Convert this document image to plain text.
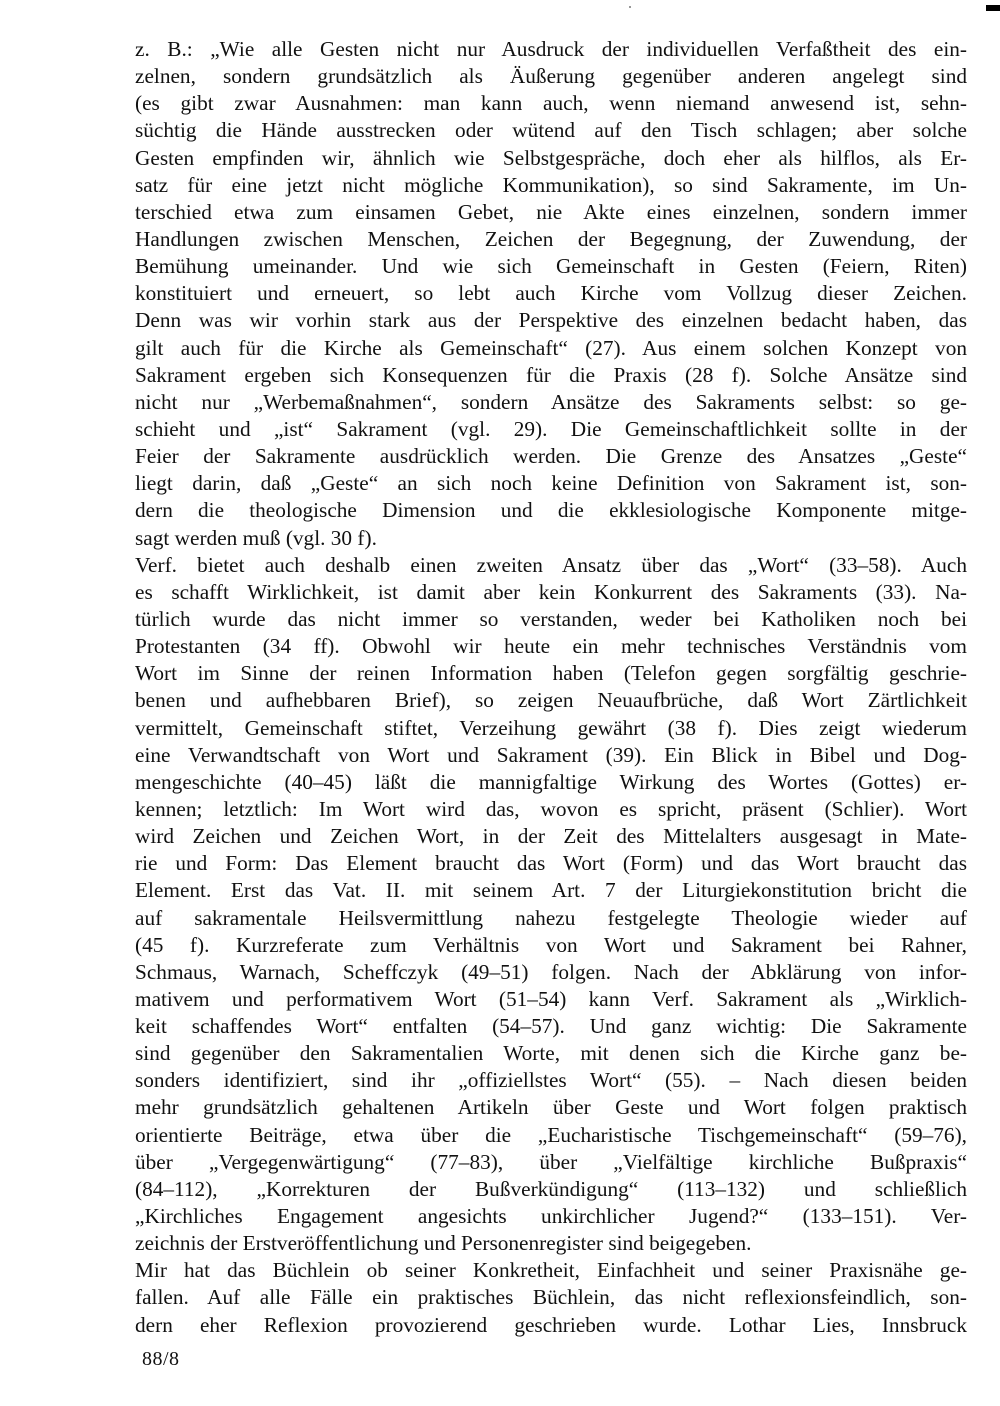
z. B.: „Wie alle Gesten nicht nur Ausdruck der individuellen Verfaßtheit des ein-
zelnen, sondern grundsätzlich als Äußerung gegenüber anderen angelegt sind
(es gibt zwar Ausnahmen: man kann auch, wenn niemand anwesend ist, sehn-
süchtig die Hände ausstrecken oder wütend auf den Tisch schlagen; aber solche
Gesten empfinden wir, ähnlich wie Selbstgespräche, doch eher als hilflos, als Er-
satz für eine jetzt nicht mögliche Kommunikation), so sind Sakramente, im Un-
terschied etwa zum einsamen Gebet, nie Akte eines einzelnen, sondern immer
Handlungen zwischen Menschen, Zeichen der Begegnung, der Zuwendung, der
Bemühung umeinander. Und wie sich Gemeinschaft in Gesten (Feiern, Riten)
konstituiert und erneuert, so lebt auch Kirche vom Vollzug dieser Zeichen.
Denn was wir vorhin stark aus der Perspektive des einzelnen bedacht haben, das
gilt auch für die Kirche als Gemeinschaft“ (27). Aus einem solchen Konzept von
Sakrament ergeben sich Konsequenzen für die Praxis (28 f). Solche Ansätze sind
nicht nur „Werbemaßnahmen“, sondern Ansätze des Sakraments selbst: so ge-
schieht und „ist“ Sakrament (vgl. 29). Die Gemeinschaftlichkeit sollte in der
Feier der Sakramente ausdrücklich werden. Die Grenze des Ansatzes „Geste“
liegt darin, daß „Geste“ an sich noch keine Definition von Sakrament ist, son-
dern die theologische Dimension und die ekklesiologische Komponente mitge-
sagt werden muß (vgl. 30 f).
Verf. bietet auch deshalb einen zweiten Ansatz über das „Wort“ (33–58). Auch
es schafft Wirklichkeit, ist damit aber kein Konkurrent des Sakraments (33). Na-
türlich wurde das nicht immer so verstanden, weder bei Katholiken noch bei
Protestanten (34 ff). Obwohl wir heute ein mehr technisches Verständnis vom
Wort im Sinne der reinen Information haben (Telefon gegen sorgfältig geschrie-
benen und aufhebbaren Brief), so zeigen Neuaufbrüche, daß Wort Zärtlichkeit
vermittelt, Gemeinschaft stiftet, Verzeihung gewährt (38 f). Dies zeigt wiederum
eine Verwandtschaft von Wort und Sakrament (39). Ein Blick in Bibel und Dog-
mengeschichte (40–45) läßt die mannigfaltige Wirkung des Wortes (Gottes) er-
kennen; letztlich: Im Wort wird das, wovon es spricht, präsent (Schlier). Wort
wird Zeichen und Zeichen Wort, in der Zeit des Mittelalters ausgesagt in Mate-
rie und Form: Das Element braucht das Wort (Form) und das Wort braucht das
Element. Erst das Vat. II. mit seinem Art. 7 der Liturgiekonstitution bricht die
auf sakramentale Heilsvermittlung nahezu festgelegte Theologie wieder auf
(45 f). Kurzreferate zum Verhältnis von Wort und Sakrament bei Rahner,
Schmaus, Warnach, Scheffczyk (49–51) folgen. Nach der Abklärung von infor-
mativem und performativem Wort (51–54) kann Verf. Sakrament als „Wirklich-
keit schaffendes Wort“ entfalten (54–57). Und ganz wichtig: Die Sakramente
sind gegenüber den Sakramentalien Worte, mit denen sich die Kirche ganz be-
sonders identifiziert, sind ihr „offiziellstes Wort“ (55). – Nach diesen beiden
mehr grundsätzlich gehaltenen Artikeln über Geste und Wort folgen praktisch
orientierte Beiträge, etwa über die „Eucharistische Tischgemeinschaft“ (59–76),
über „Vergegenwärtigung“ (77–83), über „Vielfältige kirchliche Bußpraxis“
(84–112), „Korrekturen der Bußverkündigung“ (113–132) und schließlich
„Kirchliches Engagement angesichts unkirchlicher Jugend?“ (133–151). Ver-
zeichnis der Erstveröffentlichung und Personenregister sind beigegeben.
Mir hat das Büchlein ob seiner Konkretheit, Einfachheit und seiner Praxisnähe ge-
fallen. Auf alle Fälle ein praktisches Büchlein, das nicht reflexionsfeindlich, son-
dern eher Reflexion provozierend geschrieben wurde. Lothar Lies, Innsbruck
88/8
